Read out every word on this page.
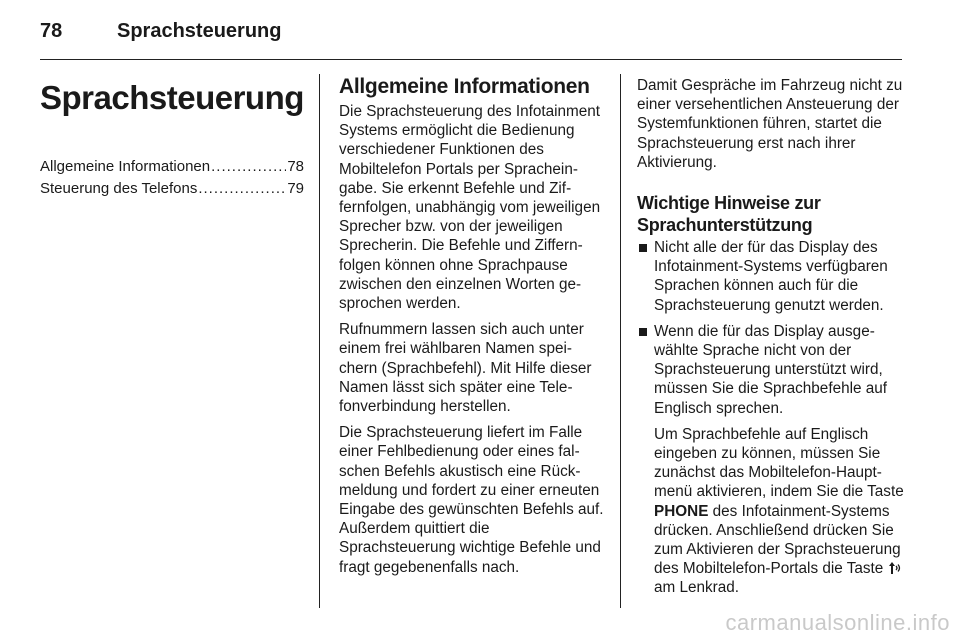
78	Sprachsteuerung
Sprachsteuerung
Allgemeine Informationen .....	78
Steuerung des Telefons .....	79
Allgemeine Informationen

Die Sprachsteuerung des Infotainment Systems ermöglicht die Bedienung verschiedener Funktionen des Mobiltelefon Portals per Spracheingabe. Sie erkennt Befehle und Ziffernfolgen, unabhängig vom jeweiligen Sprecher bzw. von der jeweiligen Sprecherin. Die Befehle und Ziffernfolgen können ohne Sprachpause zwischen den einzelnen Worten gesprochen werden.

Rufnummern lassen sich auch unter einem frei wählbaren Namen speichern (Sprachbefehl). Mit Hilfe dieser Namen lässt sich später eine Telefonverbindung herstellen.

Die Sprachsteuerung liefert im Falle einer Fehlbedienung oder eines falschen Befehls akustisch eine Rückmeldung und fordert zu einer erneuten Eingabe des gewünschten Befehls auf. Außerdem quittiert die Sprachsteuerung wichtige Befehle und fragt gegebenenfalls nach.

Damit Gespräche im Fahrzeug nicht zu einer versehentlichen Ansteuerung der Systemfunktionen führen, startet die Sprachsteuerung erst nach ihrer Aktivierung.

Wichtige Hinweise zur Sprachunterstützung
Nicht alle der für das Display des Infotainment-Systems verfügbaren Sprachen können auch für die Sprachsteuerung genutzt werden.
Wenn die für das Display ausgewählte Sprache nicht von der Sprachsteuerung unterstützt wird, müssen Sie die Sprachbefehle auf Englisch sprechen.

Um Sprachbefehle auf Englisch eingeben zu können, müssen Sie zunächst das Mobiltelefon-Hauptmenü aktivieren, indem Sie die Taste PHONE des Infotainment-Systems drücken. Anschließend drücken Sie zum Aktivieren der Sprachsteuerung des Mobiltelefon-Portals die Taste  am Lenkrad.

carmanualsonline.info
